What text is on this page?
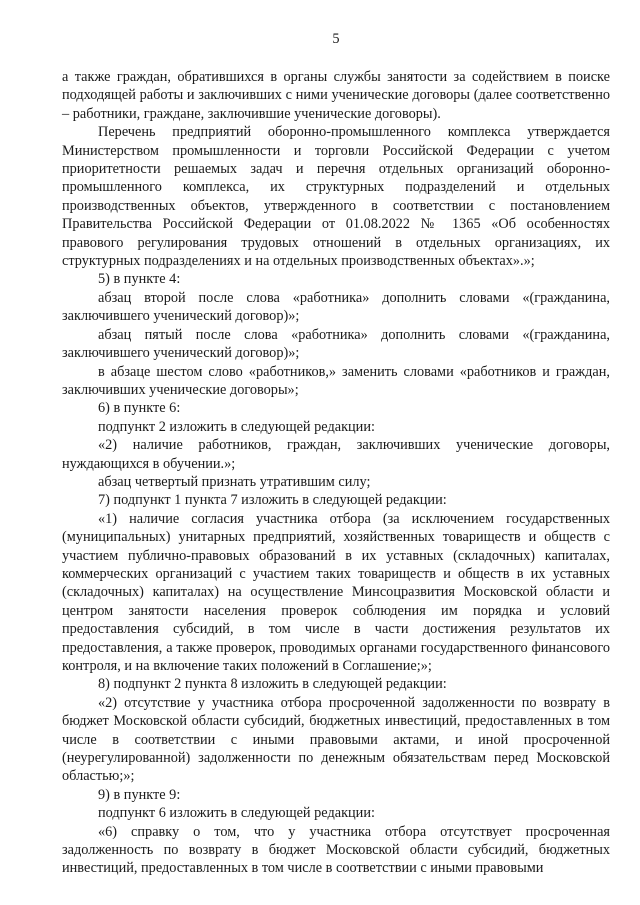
5

а также граждан, обратившихся в органы службы занятости за содействием в поиске подходящей работы и заключивших с ними ученические договоры (далее соответственно – работники, граждане, заключившие ученические договоры).

Перечень предприятий оборонно-промышленного комплекса утверждается Министерством промышленности и торговли Российской Федерации с учетом приоритетности решаемых задач и перечня отдельных организаций оборонно-промышленного комплекса, их структурных подразделений и отдельных производственных объектов, утвержденного в соответствии с постановлением Правительства Российской Федерации от 01.08.2022 № 1365 «Об особенностях правового регулирования трудовых отношений в отдельных организациях, их структурных подразделениях и на отдельных производственных объектах».»;

5) в пункте 4:

абзац второй после слова «работника» дополнить словами «(гражданина, заключившего ученический договор)»;

абзац пятый после слова «работника» дополнить словами «(гражданина, заключившего ученический договор)»;

в абзаце шестом слово «работников,» заменить словами «работников и граждан, заключивших ученические договоры»;

6) в пункте 6:

подпункт 2 изложить в следующей редакции:

«2) наличие работников, граждан, заключивших ученические договоры, нуждающихся в обучении.»;

абзац четвертый признать утратившим силу;

7) подпункт 1 пункта 7 изложить в следующей редакции:

«1) наличие согласия участника отбора (за исключением государственных (муниципальных) унитарных предприятий, хозяйственных товариществ и обществ с участием публично-правовых образований в их уставных (складочных) капиталах, коммерческих организаций с участием таких товариществ и обществ в их уставных (складочных) капиталах) на осуществление Минсоцразвития Московской области и центром занятости населения проверок соблюдения им порядка и условий предоставления субсидий, в том числе в части достижения результатов их предоставления, а также проверок, проводимых органами государственного финансового контроля, и на включение таких положений в Соглашение;»;

8) подпункт 2 пункта 8 изложить в следующей редакции:

«2) отсутствие у участника отбора просроченной задолженности по возврату в бюджет Московской области субсидий, бюджетных инвестиций, предоставленных в том числе в соответствии с иными правовыми актами, и иной просроченной (неурегулированной) задолженности по денежным обязательствам перед Московской областью;»;

9) в пункте 9:

подпункт 6 изложить в следующей редакции:

«6) справку о том, что у участника отбора отсутствует просроченная задолженность по возврату в бюджет Московской области субсидий, бюджетных инвестиций, предоставленных в том числе в соответствии с иными правовыми
